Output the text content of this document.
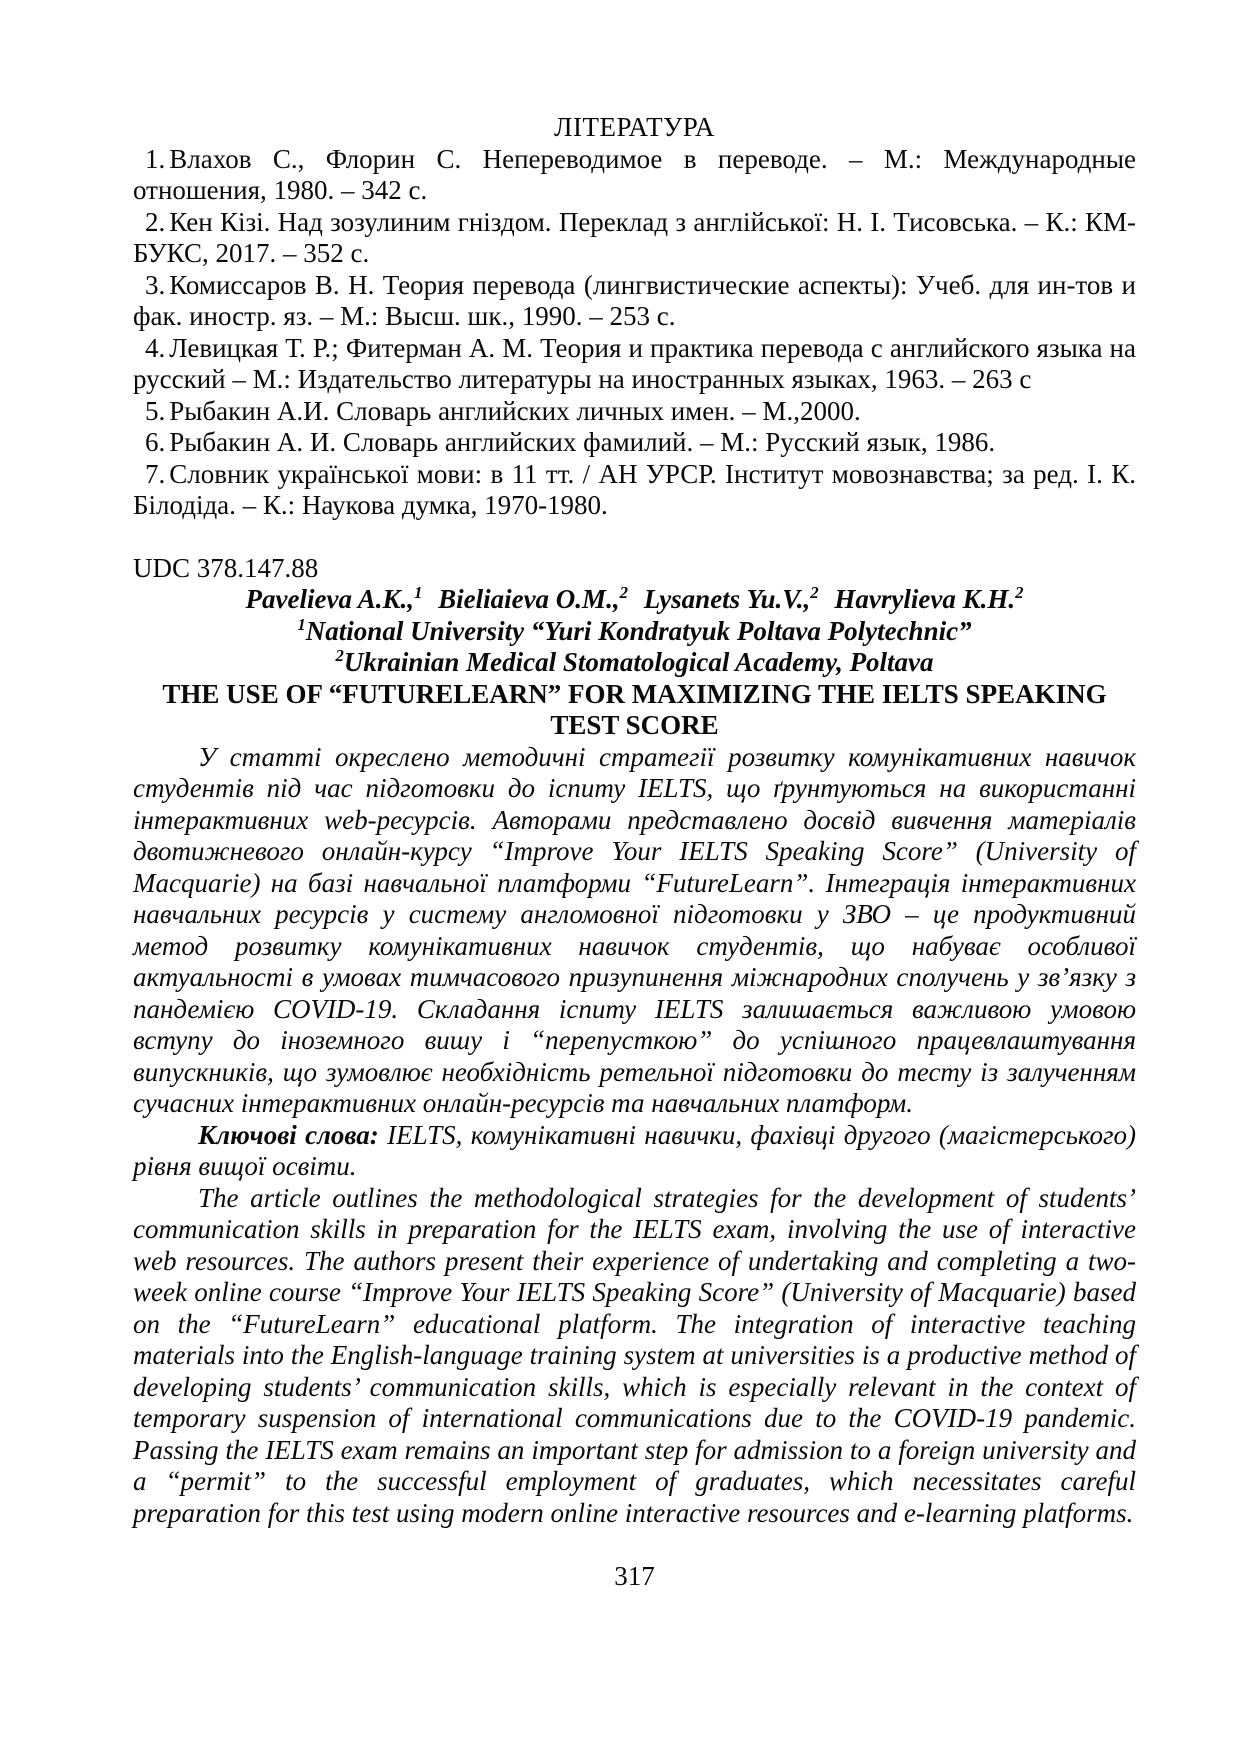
ЛІТЕРАТУРА

1. Влахов С., Флорин С. Непереводимое в переводе. – М.: Международные отношения, 1980. – 342 с.

2. Кен Кізі. Над зозулиним гніздом. Переклад з англійської: Н. І. Тисовська. – К.: КМ-БУКС, 2017. – 352 с.

3. Комиссаров В. Н. Теория перевода (лингвистические аспекты): Учеб. для ин-тов и фак. иностр. яз. – М.: Высш. шк., 1990. – 253 с.

4. Левицкая Т. Р.; Фитерман А. М. Теория и практика перевода с английского языка на русский – М.: Издательство литературы на иностранных языках, 1963. – 263 с

5. Рыбакин А.И. Словарь английских личных имен. – М.,2000.

6. Рыбакин А. И. Словарь английских фамилий. – М.: Русский язык, 1986.

7. Словник української мови: в 11 тт. / АН УРСР. Інститут мовознавства; за ред. І. К. Білодіда. – К.: Наукова думка, 1970-1980.

UDC 378.147.88

Pavelieva A.K.,$^1$ Bieliaieva O.M.,$^2$ Lysanets Yu.V.,$^2$ Havrylieva K.H.$^2$

$^1$National University “Yuri Kondratyuk Poltava Polytechnic”

$^2$Ukrainian Medical Stomatological Academy, Poltava

THE USE OF “FUTURELEARN” FOR MAXIMIZING THE IELTS SPEAKING TEST SCORE

У статті окреслено методичні стратегії розвитку комунікативних навичок студентів під час підготовки до іспиту IELTS, що ґрунтуються на використанні інтерактивних web-ресурсів. Авторами представлено досвід вивчення матеріалів двотижневого онлайн-курсу “Improve Your IELTS Speaking Score” (University of Macquarie) на базі навчальної платформи “FutureLearn”. Інтеграція інтерактивних навчальних ресурсів у систему англомовної підготовки у ЗВО – це продуктивний метод розвитку комунікативних навичок студентів, що набуває особливої актуальності в умовах тимчасового призупинення міжнародних сполучень у зв’язку з пандемією COVID-19. Складання іспиту IELTS залишається важливою умовою вступу до іноземного вишу і “перепусткою” до успішного працевлаштування випускників, що зумовлює необхідність ретельної підготовки до тесту із залученням сучасних інтерактивних онлайн-ресурсів та навчальних платформ.

Ключові слова: IELTS, комунікативні навички, фахівці другого (магістерського) рівня вищої освіти.

The article outlines the methodological strategies for the development of students’ communication skills in preparation for the IELTS exam, involving the use of interactive web resources. The authors present their experience of undertaking and completing a two-week online course “Improve Your IELTS Speaking Score” (University of Macquarie) based on the “FutureLearn” educational platform. The integration of interactive teaching materials into the English-language training system at universities is a productive method of developing students’ communication skills, which is especially relevant in the context of temporary suspension of international communications due to the COVID-19 pandemic. Passing the IELTS exam remains an important step for admission to a foreign university and a “permit” to the successful employment of graduates, which necessitates careful preparation for this test using modern online interactive resources and e-learning platforms.

317
